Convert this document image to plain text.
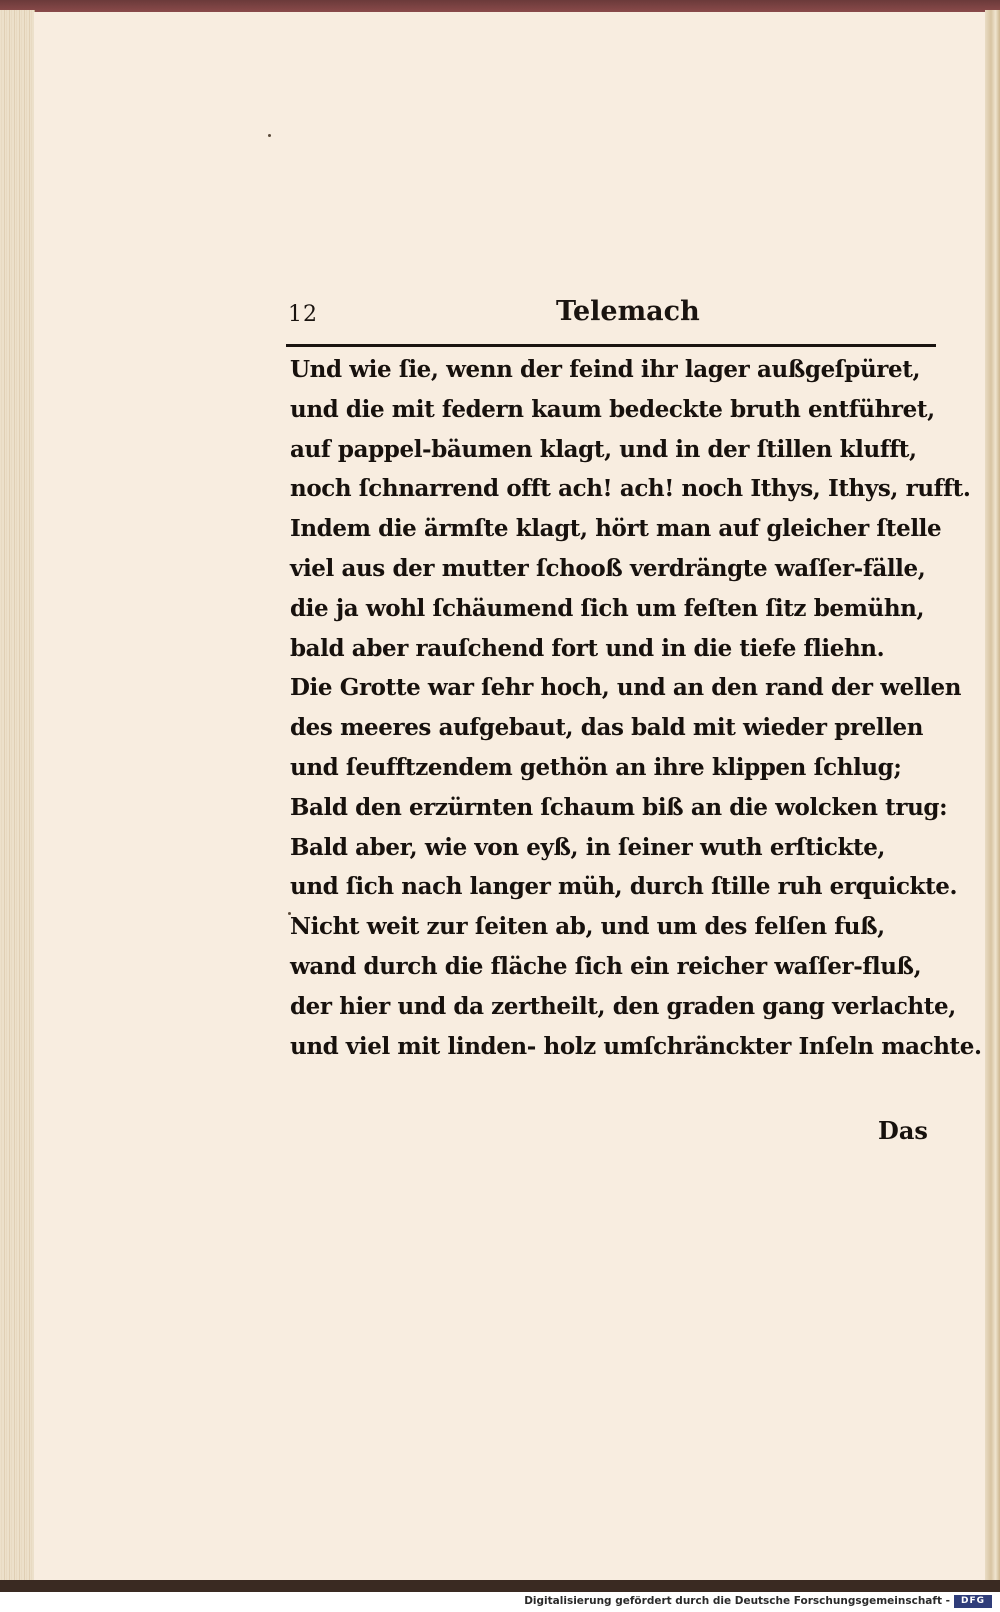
12	Telemach
Und wie ſie, wenn der feind ihr lager außgeſpüret,
und die mit federn kaum bedeckte bruth entführet,
auf pappel-bäumen klagt, und in der ſtillen klufft,
noch ſchnarrend offt ach! ach! noch Ithys, Ithys, rufft.
Indem die ärmſte klagt, hört man auf gleicher ſtelle
viel aus der mutter ſchooß verdrängte waſſer-fälle,
die ja wohl ſchäumend ſich um feſten ſitz bemühn,
bald aber rauſchend fort und in die tiefe fliehn.
Die Grotte war ſehr hoch, und an den rand der wellen
des meeres aufgebaut, das bald mit wieder prellen
und ſeufftzendem gethön an ihre klippen ſchlug;
Bald den erzürnten ſchaum biß an die wolcken trug:
Bald aber, wie von eyß, in ſeiner wuth erſtickte,
und ſich nach langer müh, durch ſtille ruh erquickte.
Nicht weit zur ſeiten ab, und um des felſen fuß,
wand durch die fläche ſich ein reicher waſſer-fluß,
der hier und da zertheilt, den graden gang verlachte,
und viel mit linden- holz umſchränckter Inſeln machte.
Das
Digitalisierung gefördert durch die Deutsche Forschungsgemeinschaft -	DFG
